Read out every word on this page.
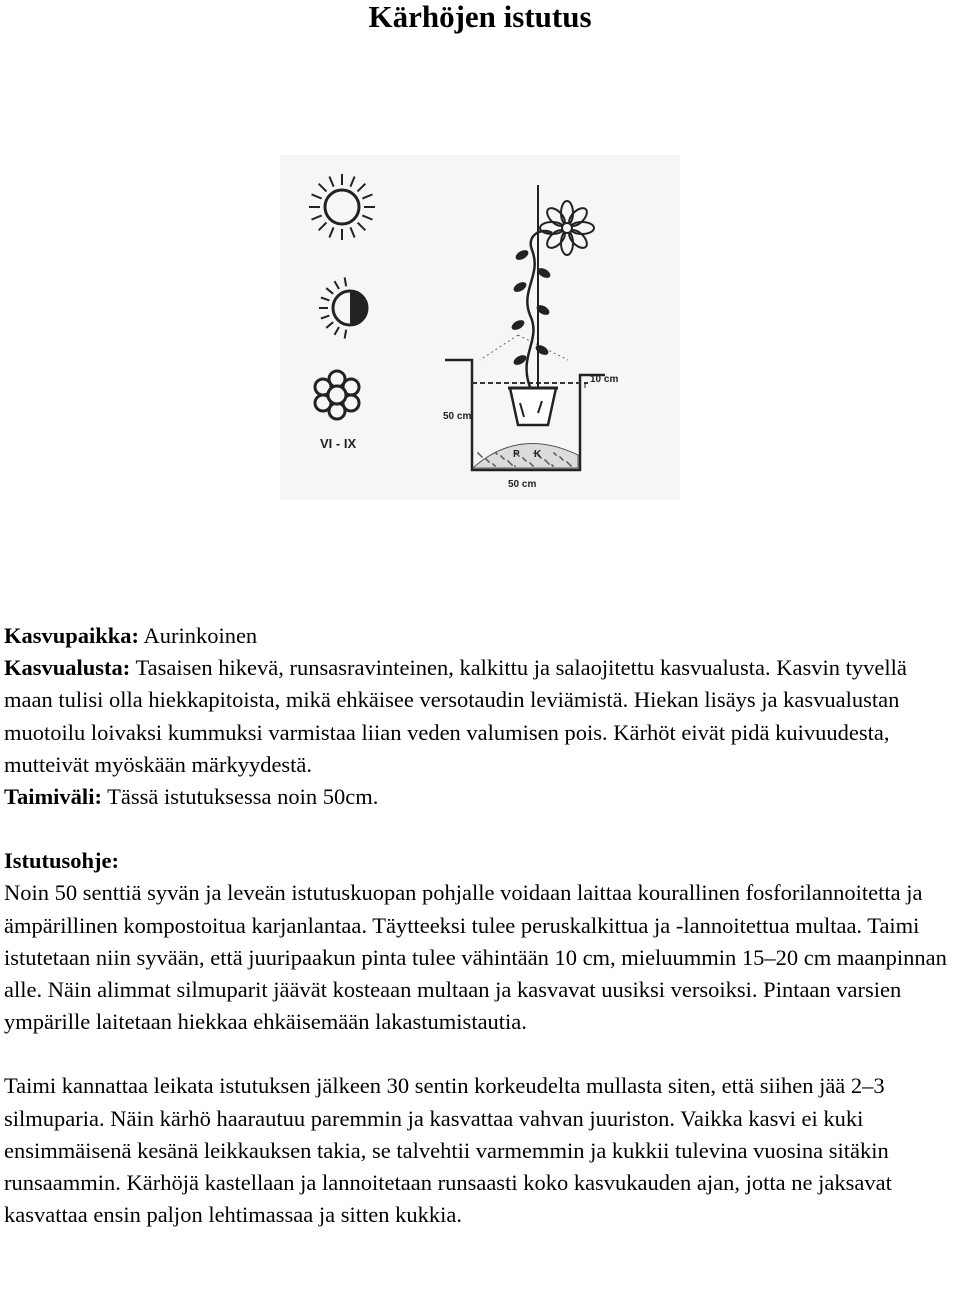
Kärhöjen istutus
VI - IX
P K
50 cm
10 cm
50 cm

Kasvupaikka: Aurinkoinen

Kasvualusta: Tasaisen hikevä, runsasravinteinen, kalkittu ja salaojitettu kasvualusta. Kasvin tyvellä maan tulisi olla hiekkapitoista, mikä ehkäisee versotaudin leviämistä. Hiekan lisäys ja kasvualustan muotoilu loivaksi kummuksi varmistaa liian veden valumisen pois. Kärhöt eivät pidä kuivuudesta, mutteivät myöskään märkyydestä.

Taimiväli: Tässä istutuksessa noin 50cm.

Istutusohje:

Noin 50 senttiä syvän ja leveän istutuskuopan pohjalle voidaan laittaa kourallinen fosforilannoitetta ja ämpärillinen kompostoitua karjanlantaa. Täytteeksi tulee peruskalkittua ja -lannoitettua multaa. Taimi istutetaan niin syvään, että juuripaakun pinta tulee vähintään 10 cm, mieluummin 15–20 cm maanpinnan alle. Näin alimmat silmuparit jäävät kosteaan multaan ja kasvavat uusiksi versoiksi. Pintaan varsien ympärille laitetaan hiekkaa ehkäisemään lakastumistautia.

Taimi kannattaa leikata istutuksen jälkeen 30 sentin korkeudelta mullasta siten, että siihen jää 2–3 silmuparia. Näin kärhö haarautuu paremmin ja kasvattaa vahvan juuriston. Vaikka kasvi ei kuki ensimmäisenä kesänä leikkauksen takia, se talvehtii varmemmin ja kukkii tulevina vuosina sitäkin runsaammin. Kärhöjä kastellaan ja lannoitetaan runsaasti koko kasvukauden ajan, jotta ne jaksavat kasvattaa ensin paljon lehtimassaa ja sitten kukkia.
